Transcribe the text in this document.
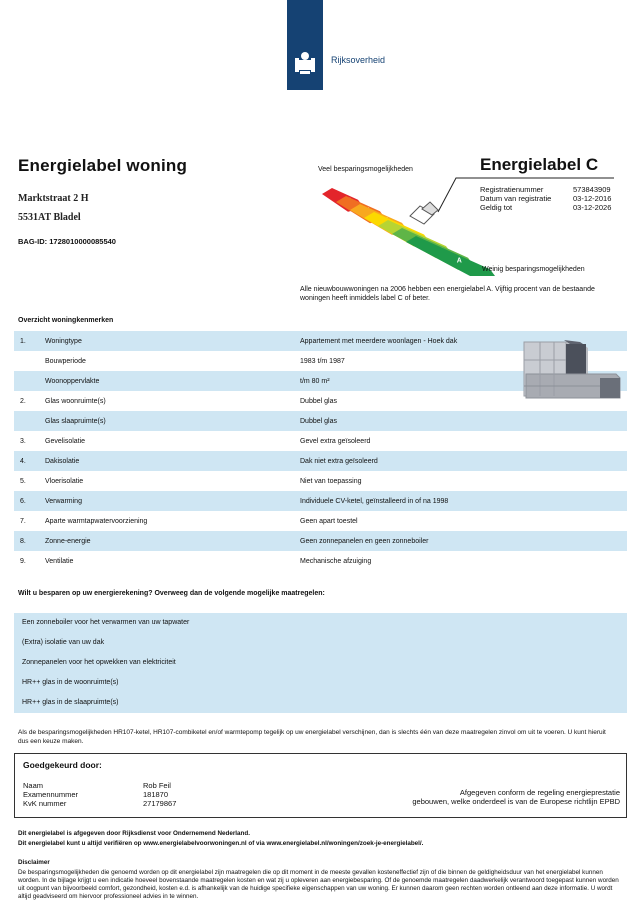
Rijksoverheid
Energielabel woning
Marktstraat 2 H
5531AT Bladel
BAG-ID: 1728010000085540
Veel besparingsmogelijkheden
A
Weinig besparingsmogelijkheden
Energielabel C
Registratienummer	573843909
Datum van registratie	03-12-2016
Geldig tot	03-12-2026
Alle nieuwbouwwoningen na 2006 hebben een energielabel A. Vijftig procent van de bestaande woningen heeft inmiddels label C of beter.
Overzicht woningkenmerken
1.	Woningtype	Appartement met meerdere woonlagen - Hoek dak
	Bouwperiode	1983 t/m 1987
	Woonoppervlakte	t/m 80 m²
2.	Glas woonruimte(s)	Dubbel glas
	Glas slaapruimte(s)	Dubbel glas
3.	Gevelisolatie	Gevel extra geïsoleerd
4.	Dakisolatie	Dak niet extra geïsoleerd
5.	Vloerisolatie	Niet van toepassing
6.	Verwarming	Individuele CV-ketel, geïnstalleerd in of na 1998
7.	Aparte warmtapwatervoorziening	Geen apart toestel
8.	Zonne-energie	Geen zonnepanelen en geen zonneboiler
9.	Ventilatie	Mechanische afzuiging
Wilt u besparen op uw energierekening? Overweeg dan de volgende mogelijke maatregelen:
Een zonneboiler voor het verwarmen van uw tapwater
(Extra) isolatie van uw dak
Zonnepanelen voor het opwekken van elektriciteit
HR++ glas in de woonruimte(s)
HR++ glas in de slaapruimte(s)
Als de besparingsmogelijkheden HR107-ketel, HR107-combiketel en/of warmtepomp tegelijk op uw energielabel verschijnen, dan is slechts één van deze maatregelen zinvol om uit te voeren. U kunt hieruit dus een keuze maken.
Goedgekeurd door:
Naam	Rob Feil
Examennummer	181870
KvK nummer	27179867
Afgegeven conform de regeling energieprestatie
gebouwen, welke onderdeel is van de Europese richtlijn EPBD
Dit energielabel is afgegeven door Rijksdienst voor Ondernemend Nederland.
Dit energielabel kunt u altijd verifiëren op www.energielabelvoorwoningen.nl of via www.energielabel.nl/woningen/zoek-je-energielabel/.
Disclaimer
De besparingsmogelijkheden die genoemd worden op dit energielabel zijn maatregelen die op dit moment in de meeste gevallen kosteneffectief zijn of die binnen de geldigheidsduur van het energielabel kunnen worden. In de bijlage krijgt u een indicatie hoeveel bovenstaande maatregelen kosten en wat zij u opleveren aan energiebesparing. Of de genoemde maatregelen daadwerkelijk verantwoord toegepast kunnen worden uit oogpunt van bijvoorbeeld comfort, gezondheid, kosten e.d. is afhankelijk van de huidige specifieke eigenschappen van uw woning. Er kunnen daarom geen rechten worden ontleend aan deze informatie. U wordt altijd geadviseerd om hiervoor professioneel advies in te winnen.
